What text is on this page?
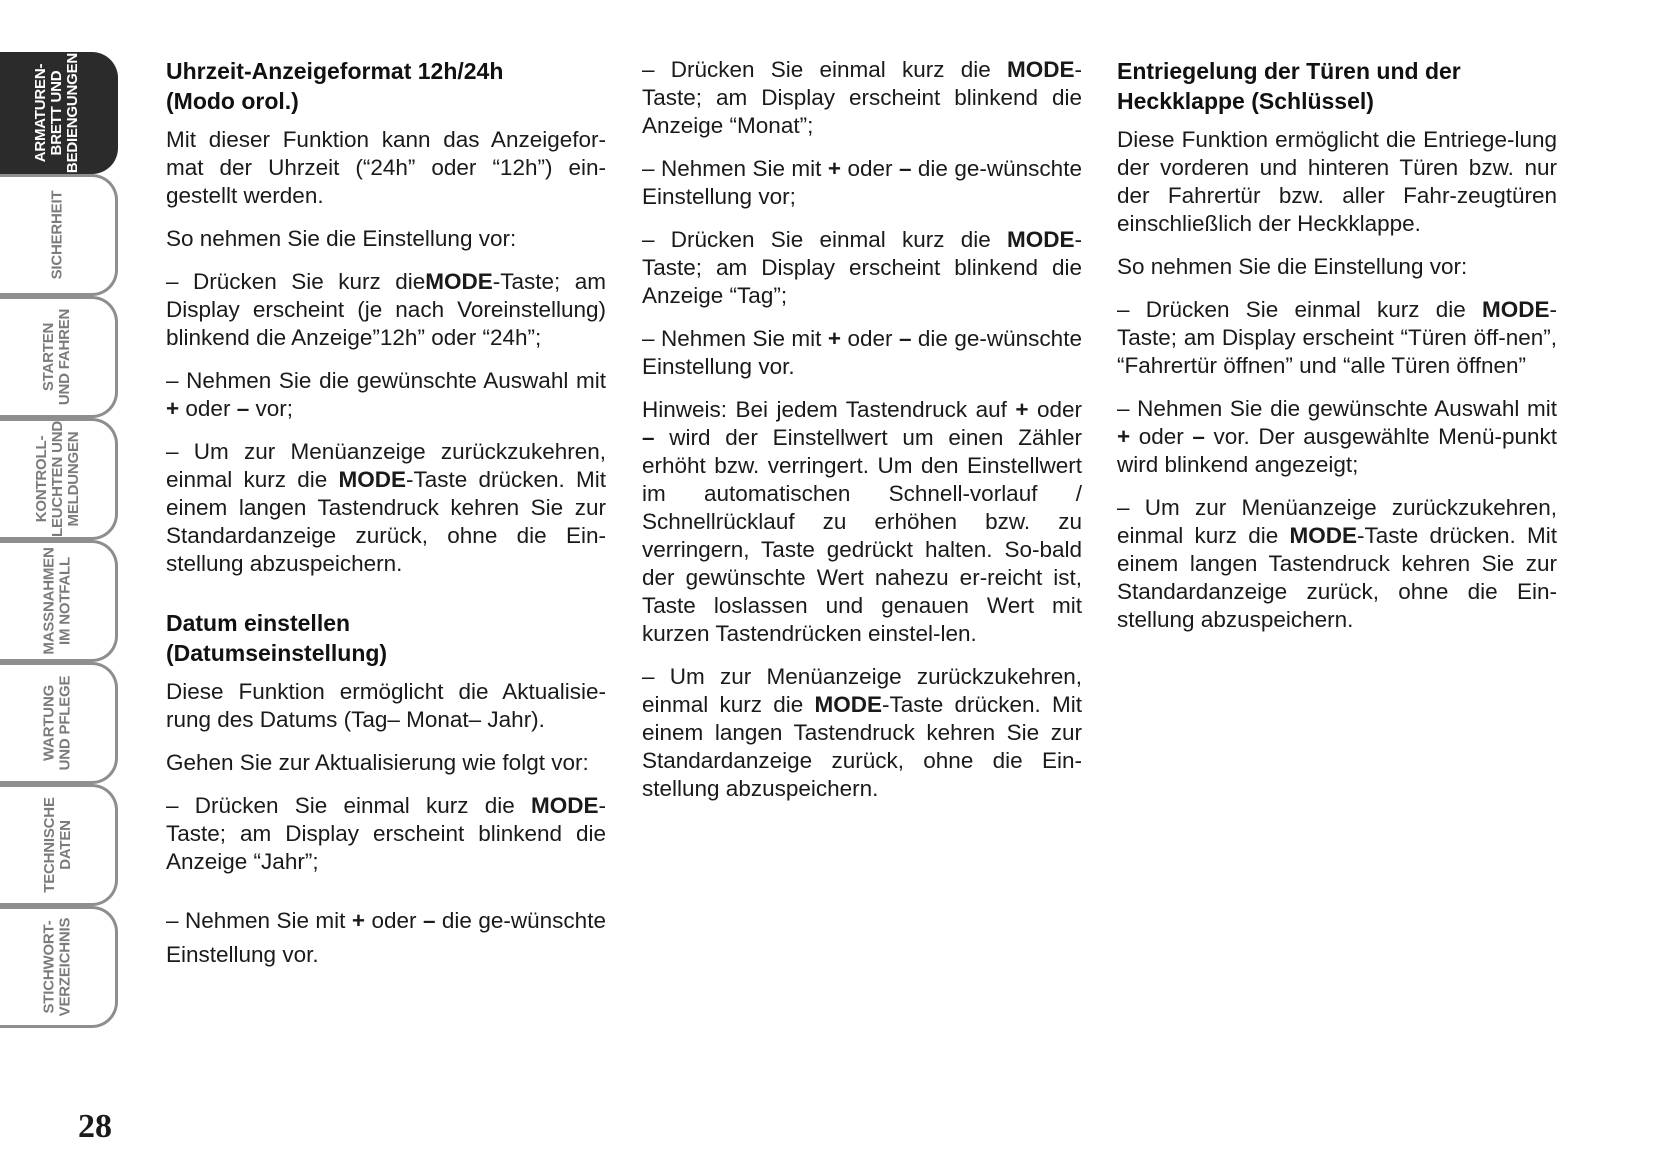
ARMATUREN-
BRETT UND
BEDIENGUNGEN
SICHERHEIT
STARTEN
UND FAHREN
KONTROLL-
LEUCHTEN UND
MELDUNGEN
MASSNAHMEN
IM NOTFALL
WARTUNG
UND PFLEGE
TECHNISCHE
DATEN
STICHWORT-
VERZEICHNIS
28
Uhrzeit-Anzeigeformat 12h/24h
(Modo orol.)

Mit dieser Funktion kann das Anzeigefor-mat der Uhrzeit (“24h” oder “12h”) ein-gestellt werden.

So nehmen Sie die Einstellung vor:

– Drücken Sie kurz dieMODE-Taste; am Display erscheint (je nach Voreinstellung) blinkend die Anzeige”12h” oder “24h”;

– Nehmen Sie die gewünschte Auswahl mit + oder – vor;

– Um zur Menüanzeige zurückzukehren, einmal kurz die MODE-Taste drücken. Mit einem langen Tastendruck kehren Sie zur Standardanzeige zurück, ohne die Ein-stellung abzuspeichern.

Datum einstellen
(Datumseinstellung)

Diese Funktion ermöglicht die Aktualisie-rung des Datums (Tag– Monat– Jahr).

Gehen Sie zur Aktualisierung wie folgt vor:

– Drücken Sie einmal kurz die MODE-Taste; am Display erscheint blinkend die Anzeige “Jahr”;

– Nehmen Sie mit + oder – die ge-wünschte Einstellung vor.

– Drücken Sie einmal kurz die MODE-Taste; am Display erscheint blinkend die Anzeige “Monat”;

– Nehmen Sie mit + oder – die ge-wünschte Einstellung vor;

– Drücken Sie einmal kurz die MODE-Taste; am Display erscheint blinkend die Anzeige “Tag”;

– Nehmen Sie mit + oder – die ge-wünschte Einstellung vor.

Hinweis: Bei jedem Tastendruck auf + oder – wird der Einstellwert um einen Zähler erhöht bzw. verringert. Um den Einstellwert im automatischen Schnell-vorlauf / Schnellrücklauf zu erhöhen bzw. zu verringern, Taste gedrückt halten. So-bald der gewünschte Wert nahezu er-reicht ist, Taste loslassen und genauen Wert mit kurzen Tastendrücken einstel-len.

– Um zur Menüanzeige zurückzukehren, einmal kurz die MODE-Taste drücken. Mit einem langen Tastendruck kehren Sie zur Standardanzeige zurück, ohne die Ein-stellung abzuspeichern.

Entriegelung der Türen und der
Heckklappe (Schlüssel)

Diese Funktion ermöglicht die Entriege-lung der vorderen und hinteren Türen bzw. nur der Fahrertür bzw. aller Fahr-zeugtüren einschließlich der Heckklappe.

So nehmen Sie die Einstellung vor:

– Drücken Sie einmal kurz die MODE-Taste; am Display erscheint “Türen öff-nen”, “Fahrertür öffnen” und “alle Türen öffnen”

– Nehmen Sie die gewünschte Auswahl mit + oder – vor. Der ausgewählte Menü-punkt wird blinkend angezeigt;

– Um zur Menüanzeige zurückzukehren, einmal kurz die MODE-Taste drücken. Mit einem langen Tastendruck kehren Sie zur Standardanzeige zurück, ohne die Ein-stellung abzuspeichern.
